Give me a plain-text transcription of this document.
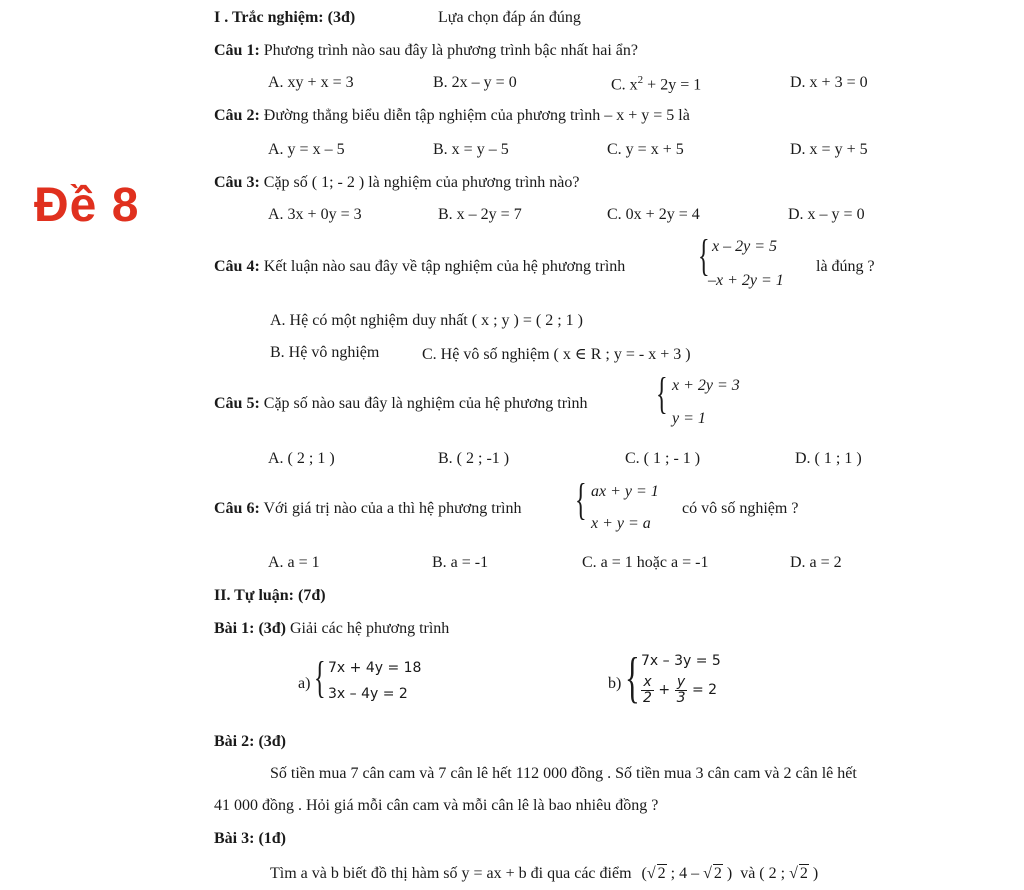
I . Trắc nghiệm: (3đ)	Lựa chọn đáp án đúng
Đề 8
Câu 1: Phương trình nào sau đây là phương trình bậc nhất hai ẩn?
A. xy + x = 3	B. 2x – y = 0	C. $x^2 + 2y = 1$	D. x + 3 = 0
Câu 2: Đường thẳng biểu diễn tập nghiệm của phương trình – x + y = 5 là
A. y = x – 5	B. x = y – 5	C. y = x + 5	D. x = y + 5
Câu 3: Cặp số ( 1; - 2 ) là nghiệm của phương trình nào?
A. 3x + 0y = 3	B. x – 2y = 7	C. 0x + 2y = 4	D. x – y = 0
Câu 4: Kết luận nào sau đây về tập nghiệm của hệ phương trình { x – 2y = 5
–x + 2y = 1
là đúng ?
A. Hệ có một nghiệm duy nhất ( x ; y ) = ( 2 ; 1 )
B. Hệ vô nghiệm	C. Hệ vô số nghiệm ( x ∈ R ; y = - x + 3 )
Câu 5: Cặp số nào sau đây là nghiệm của hệ phương trình { x + 2y = 3
y = 1
A. ( 2 ; 1 )	B. ( 2 ; -1 )	C. ( 1 ; - 1 )	D. ( 1 ; 1 )
Câu 6: Với giá trị nào của a thì hệ phương trình { ax + y = 1
x + y = a
có vô số nghiệm ?
A. a = 1	B. a = -1	C. a = 1 hoặc a = -1	D. a = 2
II. Tự luận: (7đ)
Bài 1: (3đ) Giải các hệ phương trình
a) { 7x + 4y = 18
3x – 4y = 2
b) { 7x – 3y = 5
$\frac{x}{2} + \frac{y}{3} = 2$
Bài 2: (3đ)
Số tiền mua 7 cân cam và 7 cân lê hết 112 000 đồng . Số tiền mua 3 cân cam và 2 cân lê hết
41 000 đồng . Hỏi giá mỗi cân cam và mỗi cân lê là bao nhiêu đồng ?
Bài 3: (1đ)
Tìm a và b biết đồ thị hàm số y = ax + b đi qua các điểm (√ 2 ; 4 – √ 2 ) và ( 2 ; √ 2 )
